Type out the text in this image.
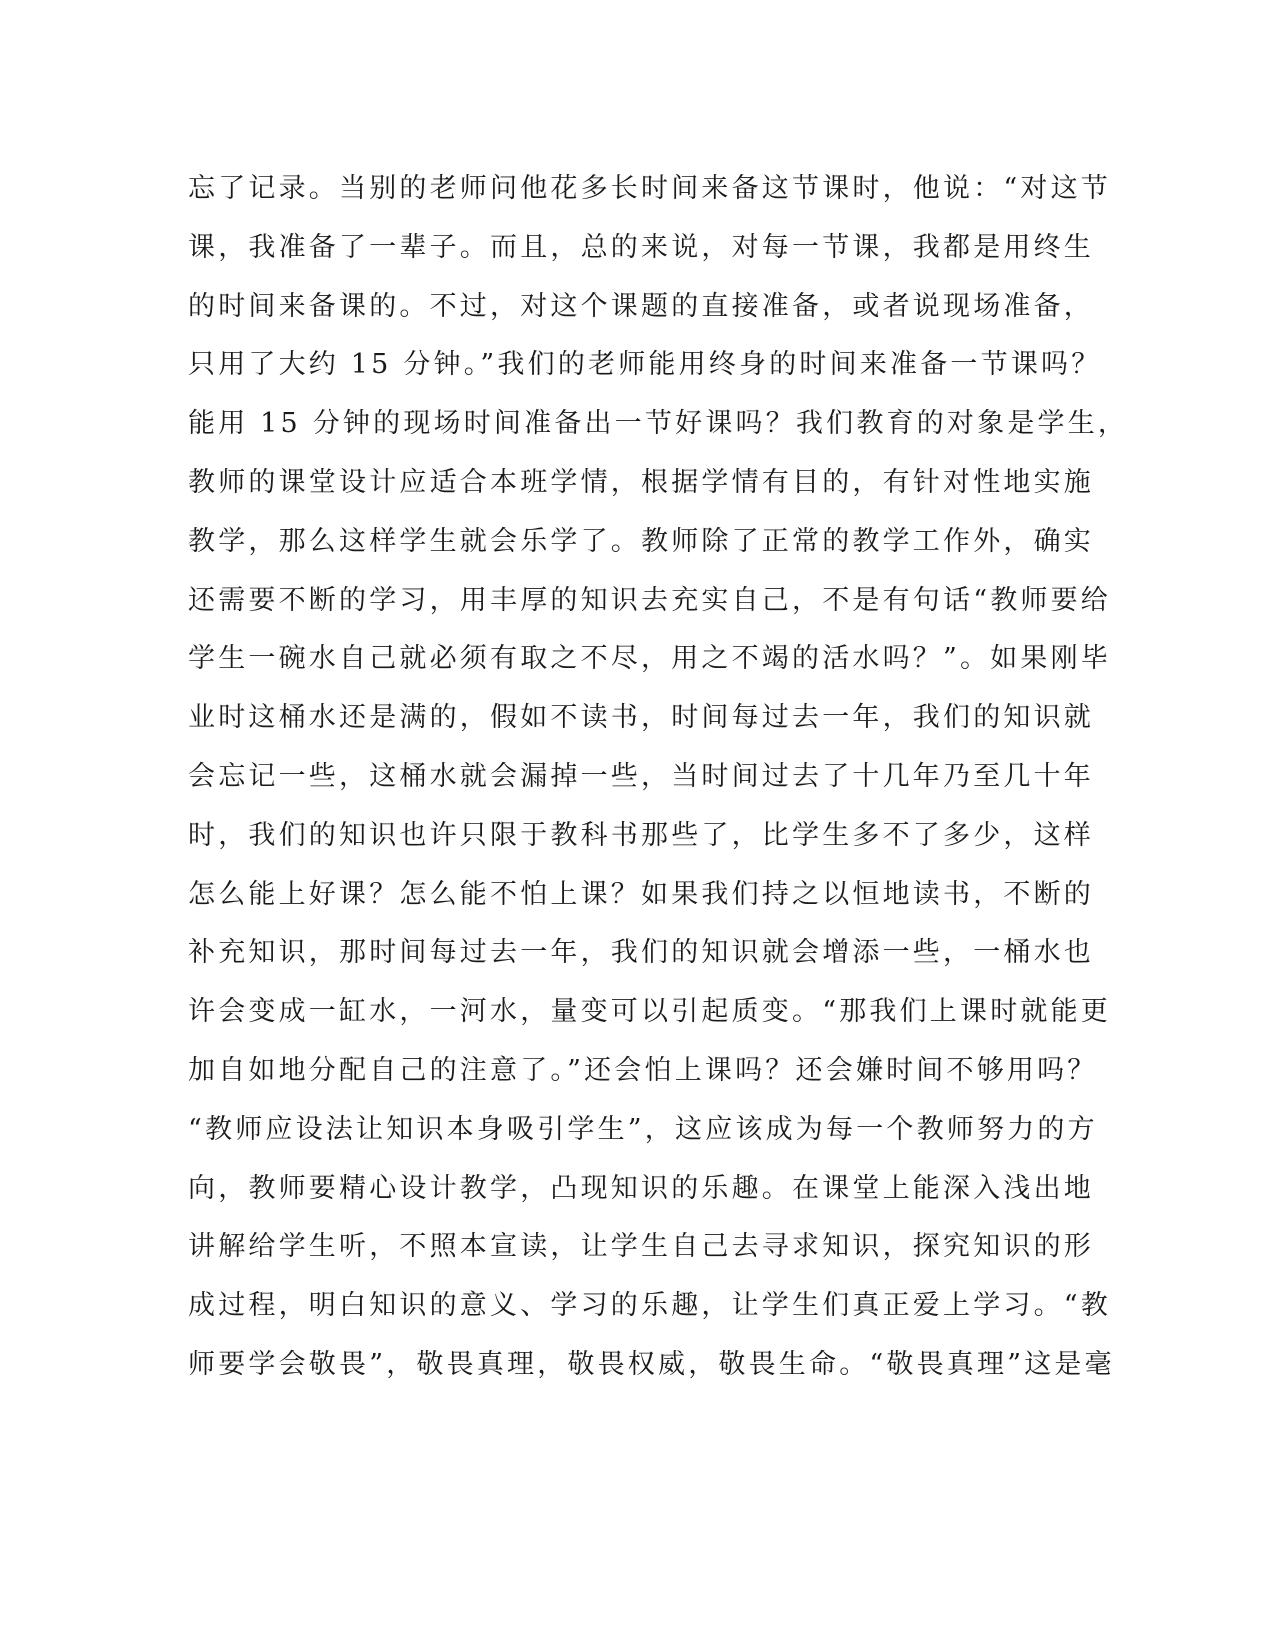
忘了记录。当别的老师问他花多长时间来备这节课时，他说：“对这节
课，我准备了一辈子。而且，总的来说，对每一节课，我都是用终生
的时间来备课的。不过，对这个课题的直接准备，或者说现场准备，
只用了大约 15 分钟。”我们的老师能用终身的时间来准备一节课吗？
能用 15 分钟的现场时间准备出一节好课吗？我们教育的对象是学生，
教师的课堂设计应适合本班学情，根据学情有目的，有针对性地实施
教学，那么这样学生就会乐学了。教师除了正常的教学工作外，确实
还需要不断的学习，用丰厚的知识去充实自己，不是有句话“教师要给
学生一碗水自己就必须有取之不尽，用之不竭的活水吗？”。如果刚毕
业时这桶水还是满的，假如不读书，时间每过去一年，我们的知识就
会忘记一些，这桶水就会漏掉一些，当时间过去了十几年乃至几十年
时，我们的知识也许只限于教科书那些了，比学生多不了多少，这样
怎么能上好课？怎么能不怕上课？如果我们持之以恒地读书，不断的
补充知识，那时间每过去一年，我们的知识就会增添一些，一桶水也
许会变成一缸水，一河水，量变可以引起质变。“那我们上课时就能更
加自如地分配自己的注意了。”还会怕上课吗？还会嫌时间不够用吗？
“教师应设法让知识本身吸引学生”，这应该成为每一个教师努力的方
向，教师要精心设计教学，凸现知识的乐趣。在课堂上能深入浅出地
讲解给学生听，不照本宣读，让学生自己去寻求知识，探究知识的形
成过程，明白知识的意义、学习的乐趣，让学生们真正爱上学习。“教
师要学会敬畏”，敬畏真理，敬畏权威，敬畏生命。“敬畏真理”这是毫
